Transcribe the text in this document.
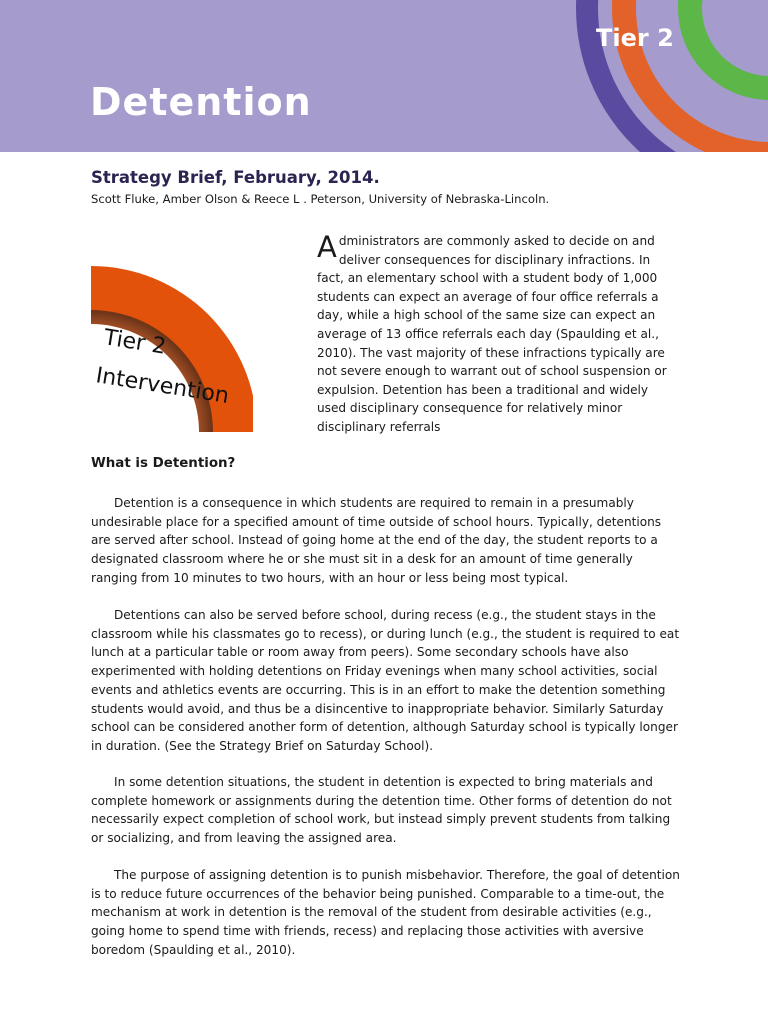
Detention
Tier 2
Strategy Brief, February, 2014.

Scott Fluke, Amber Olson & Reece L . Peterson, University of Nebraska-Lincoln.

Tier 2
Intervention

Administrators are commonly asked to decide on and deliver consequences for disciplinary infractions. In fact, an elementary school with a student body of 1,000 students can expect an average of four office referrals a day, while a high school of the same size can expect an average of 13 office referrals each day (Spaulding et al., 2010). The vast majority of these infractions typically are not severe enough to warrant out of school suspension or expulsion. Detention has been a traditional and widely used disciplinary consequence for relatively minor disciplinary referrals

What is Detention?

Detention is a consequence in which students are required to remain in a presumably undesirable place for a specified amount of time outside of school hours. Typically, detentions are served after school. Instead of going home at the end of the day, the student reports to a designated classroom where he or she must sit in a desk for an amount of time generally ranging from 10 minutes to two hours, with an hour or less being most typical.

Detentions can also be served before school, during recess (e.g., the student stays in the classroom while his classmates go to recess), or during lunch (e.g., the student is required to eat lunch at a particular table or room away from peers). Some secondary schools have also experimented with holding detentions on Friday evenings when many school activities, social events and athletics events are occurring. This is in an effort to make the detention something students would avoid, and thus be a disincentive to inappropriate behavior. Similarly Saturday school can be considered another form of detention, although Saturday school is typically longer in duration. (See the Strategy Brief on Saturday School).

In some detention situations, the student in detention is expected to bring materials and complete homework or assignments during the detention time. Other forms of detention do not necessarily expect completion of school work, but instead simply prevent students from talking or socializing, and from leaving the assigned area.

The purpose of assigning detention is to punish misbehavior. Therefore, the goal of detention is to reduce future occurrences of the behavior being punished. Comparable to a time-out, the mechanism at work in detention is the removal of the student from desirable activities (e.g., going home to spend time with friends, recess) and replacing those activities with aversive boredom (Spaulding et al., 2010).
